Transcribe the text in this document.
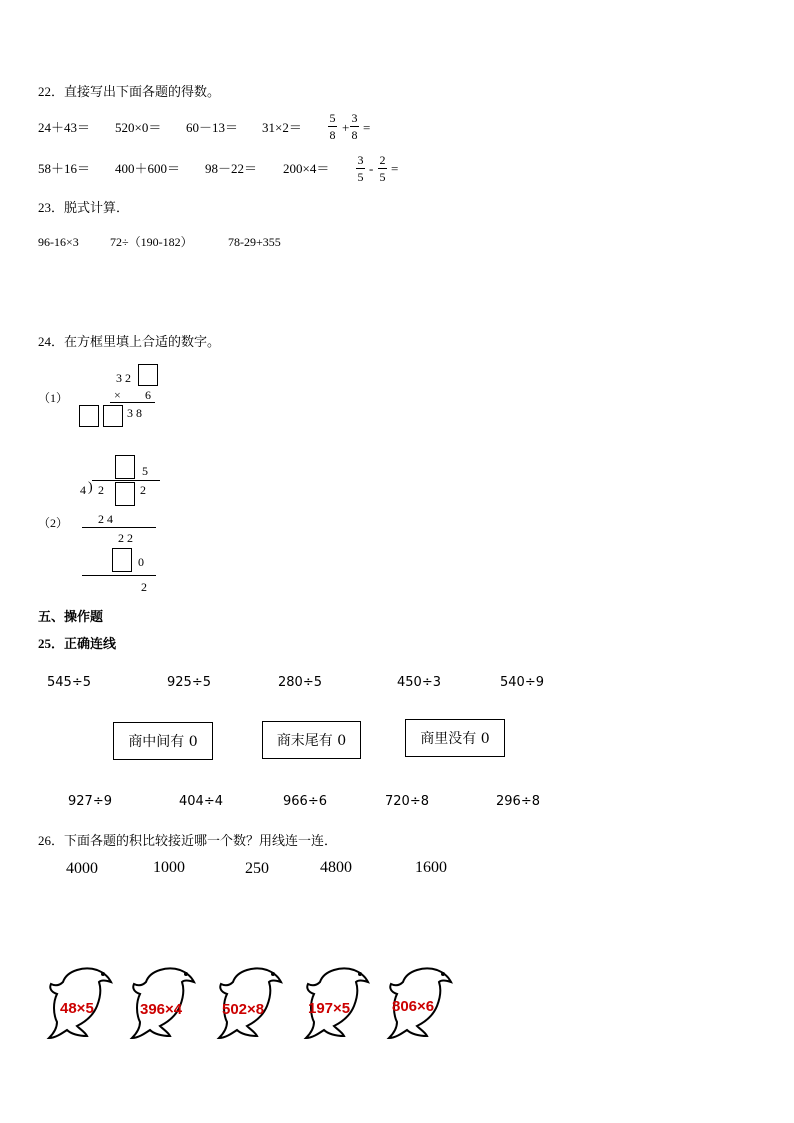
22．直接写出下面各题的得数。
24＋43＝ 520×0＝ 60－13＝ 31×2＝
5
8 +
3
8 =
58＋16＝ 400＋600＝ 98－22＝ 200×4＝
3
5
-
2
5
=
23．脱式计算．
96-16×3	72÷（190-182）	78-29+355
24．在方框里填上合适的数字。
（1）
3 2
× 6
3 8
5
4 ) 2	2
（2） 2 4
2 2
0
2
五、操作题
25．正确连线
545÷5	925÷5	280÷5	450÷3	540÷9
商中间有 0	商末尾有 0	商里没有 0
927÷9	404÷4	966÷6	720÷8	296÷8
26．下面各题的积比较接近哪一个数？用线连一连．
4000	1000	250	4800	1600
48×5	396×4	502×8	197×5	806×6
